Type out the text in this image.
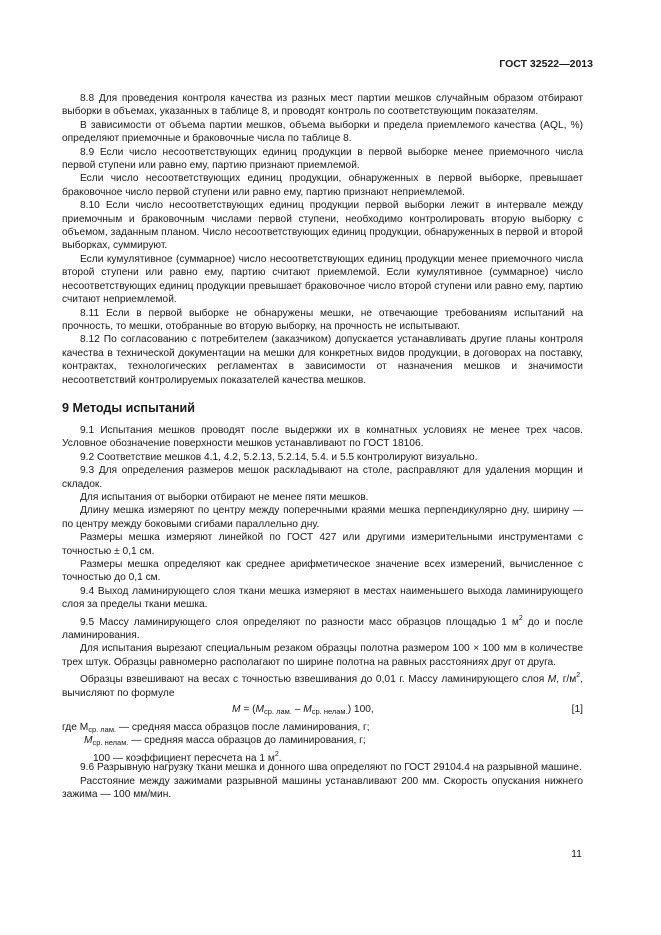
ГОСТ 32522—2013

8.8 Для проведения контроля качества из разных мест партии мешков случайным образом отбирают выборки в объемах, указанных в таблице 8, и проводят контроль по соответствующим показателям.

В зависимости от объема партии мешков, объема выборки и предела приемлемого качества (AQL, %) определяют приемочные и браковочные числа по таблице 8.

8.9 Если число несоответствующих единиц продукции в первой выборке менее приемочного числа первой ступени или равно ему, партию признают приемлемой.

Если число несоответствующих единиц продукции, обнаруженных в первой выборке, превышает браковочное число первой ступени или равно ему, партию признают неприемлемой.

8.10 Если число несоответствующих единиц продукции первой выборки лежит в интервале между приемочным и браковочным числами первой ступени, необходимо контролировать вторую выборку с объемом, заданным планом. Число несоответствующих единиц продукции, обнаруженных в первой и второй выборках, суммируют.

Если кумулятивное (суммарное) число несоответствующих единиц продукции менее приемочного числа второй ступени или равно ему, партию считают приемлемой. Если кумулятивное (суммарное) число несоответствующих единиц продукции превышает браковочное число второй ступени или равно ему, партию считают неприемлемой.

8.11 Если в первой выборке не обнаружены мешки, не отвечающие требованиям испытаний на прочность, то мешки, отобранные во вторую выборку, на прочность не испытывают.

8.12 По согласованию с потребителем (заказчиком) допускается устанавливать другие планы контроля качества в технической документации на мешки для конкретных видов продукции, в договорах на поставку, контрактах, технологических регламентах в зависимости от назначения мешков и значимости несоответствий контролируемых показателей качества мешков.

9 Методы испытаний

9.1 Испытания мешков проводят после выдержки их в комнатных условиях не менее трех часов. Условное обозначение поверхности мешков устанавливают по ГОСТ 18106.

9.2 Соответствие мешков 4.1, 4.2, 5.2.13, 5.2.14, 5.4. и 5.5 контролируют визуально.

9.3 Для определения размеров мешок раскладывают на столе, расправляют для удаления морщин и складок.

Для испытания от выборки отбирают не менее пяти мешков.

Длину мешка измеряют по центру между поперечными краями мешка перпендикулярно дну, ширину — по центру между боковыми сгибами параллельно дну.

Размеры мешка измеряют линейкой по ГОСТ 427 или другими измерительными инструментами с точностью ± 0,1 см.

Размеры мешка определяют как среднее арифметическое значение всех измерений, вычисленное с точностью до 0,1 см.

9.4 Выход ламинирующего слоя ткани мешка измеряют в местах наименьшего выхода ламинирующего слоя за пределы ткани мешка.

9.5 Массу ламинирующего слоя определяют по разности масс образцов площадью 1 $м^2$ до и после ламинирования.

Для испытания вырезают специальным резаком образцы полотна размером 100 × 100 мм в количестве трех штук. Образцы равномерно располагают по ширине полотна на равных расстояниях друг от друга.

Образцы взвешивают на весах с точностью взвешивания до 0,01 г. Массу ламинирующего слоя М, $г/м^2$, вычисляют по формуле

$М = (М_{ср. лам.} - М_{ср. нелам.})$ 100,	[1]
где $М_{ср. лам.}$ — средняя масса образцов после ламинирования, г;
$М_{ср. нелам.}$ — средняя масса образцов до ламинирования, г;
100 — коэффициент пересчета на 1 $м^2$.

9.6 Разрывную нагрузку ткани мешка и донного шва определяют по ГОСТ 29104.4 на разрывной машине.

Расстояние между зажимами разрывной машины устанавливают 200 мм. Скорость опускания нижнего зажима — 100 мм/мин.

11
